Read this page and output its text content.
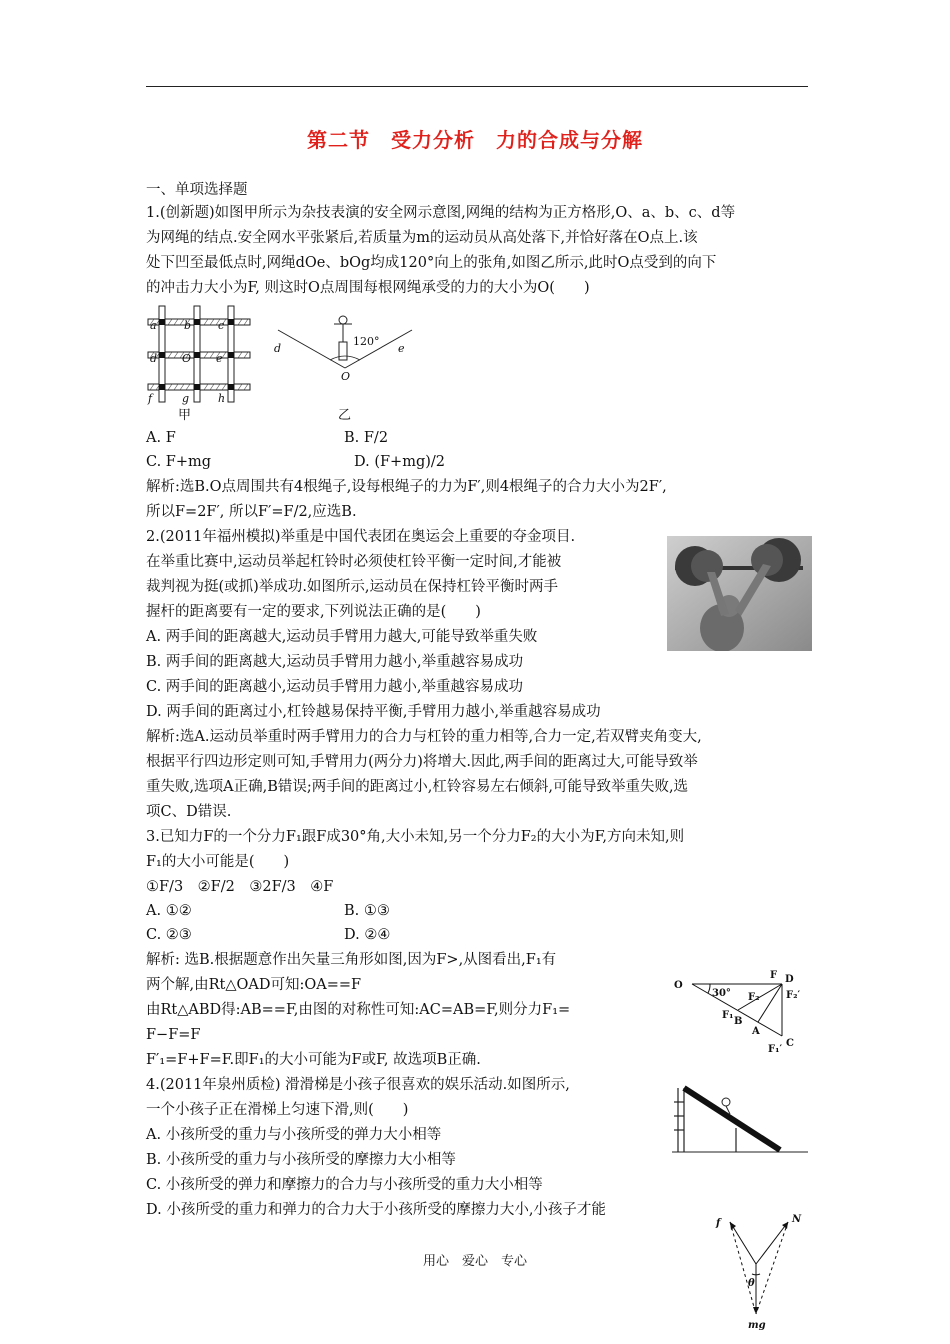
第二节　受力分析　力的合成与分解
一、单项选择题
1.(创新题)如图甲所示为杂技表演的安全网示意图,网绳的结构为正方格形,O、a、b、c、d等
为网绳的结点.安全网水平张紧后,若质量为m的运动员从高处落下,并恰好落在O点上.该
处下凹至最低点时,网绳dOe、bOg均成120°向上的张角,如图乙所示,此时O点受到的向下
的冲击力大小为F, 则这时O点周围每根网绳承受的力的大小为O(　　)
a b c
d O e
f	g	h
甲
120°
d	e
O
乙
A. F	B. F/2
C. F+mg	D. (F+mg)/2
解析:选B.O点周围共有4根绳子,设每根绳子的力为F′,则4根绳子的合力大小为2F′,
所以F=2F′, 所以F′=F/2,应选B.
2.(2011年福州模拟)举重是中国代表团在奥运会上重要的夺金项目.
在举重比赛中,运动员举起杠铃时必须使杠铃平衡一定时间,才能被
裁判视为挺(或抓)举成功.如图所示,运动员在保持杠铃平衡时两手
握杆的距离要有一定的要求,下列说法正确的是(　　)
A. 两手间的距离越大,运动员手臂用力越大,可能导致举重失败
B. 两手间的距离越大,运动员手臂用力越小,举重越容易成功
C. 两手间的距离越小,运动员手臂用力越小,举重越容易成功
D. 两手间的距离过小,杠铃越易保持平衡,手臂用力越小,举重越容易成功
解析:选A.运动员举重时两手臂用力的合力与杠铃的重力相等,合力一定,若双臂夹角变大,
根据平行四边形定则可知,手臂用力(两分力)将增大.因此,两手间的距离过大,可能导致举
重失败,选项A正确,B错误;两手间的距离过小,杠铃容易左右倾斜,可能导致举重失败,选
项C、D错误.
3.已知力F的一个分力F₁跟F成30°角,大小未知,另一个分力F₂的大小为F,方向未知,则
F₁的大小可能是(　　)
①F/3　②F/2　③2F/3　④F
A. ①②	B. ①③
C. ②③	D. ②④
解析: 选B.根据题意作出矢量三角形如图,因为F>,从图看出,F₁有
两个解,由Rt△OAD可知:OA==F
由Rt△ABD得:AB==F,由图的对称性可知:AC=AB=F,则分力F₁=
F−F=F
F′₁=F+F=F.即F₁的大小可能为F或F, 故选项B正确.
O
30°
F D
F₂	F₂′
F₁
B
A
F₁′
C
4.(2011年泉州质检) 滑滑梯是小孩子很喜欢的娱乐活动.如图所示,
一个小孩子正在滑梯上匀速下滑,则(　　)
A. 小孩所受的重力与小孩所受的弹力大小相等
B. 小孩所受的重力与小孩所受的摩擦力大小相等
C. 小孩所受的弹力和摩擦力的合力与小孩所受的重力大小相等
D. 小孩所受的重力和弹力的合力大于小孩所受的摩擦力大小,小孩子才能
f	N
θ
mg
用心　爱心　专心
